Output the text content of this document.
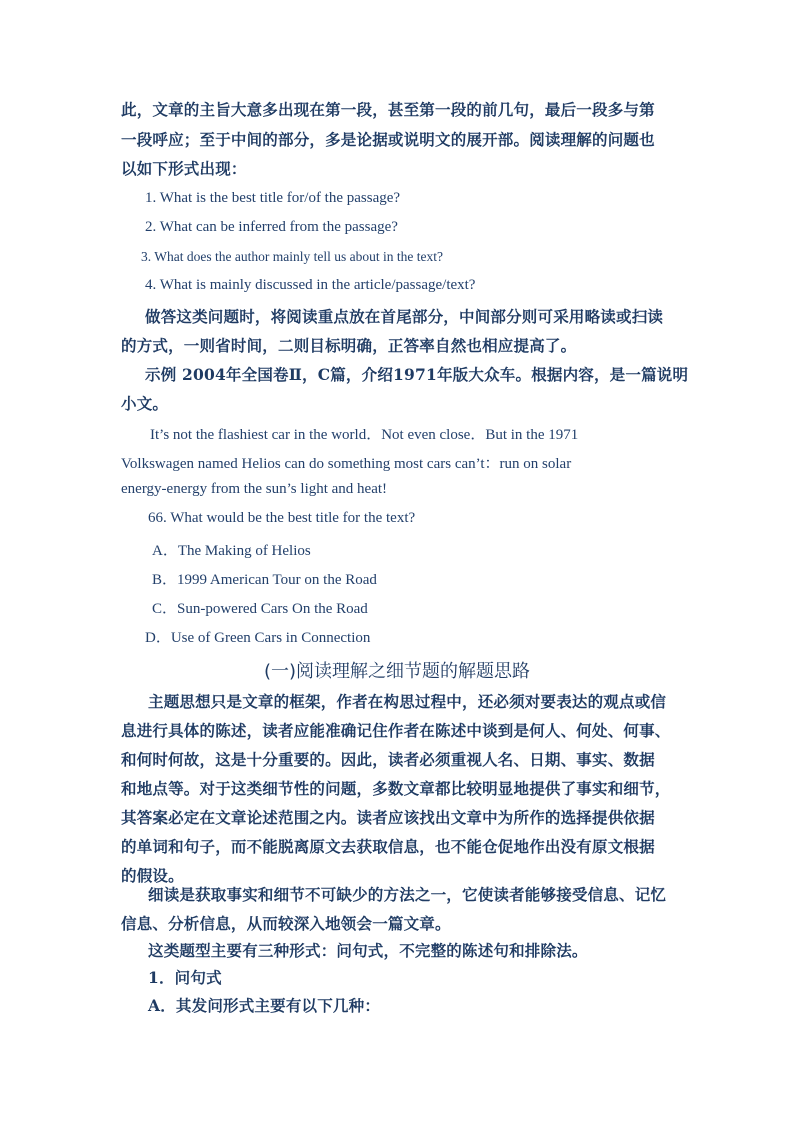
此，文章的主旨大意多出现在第一段，甚至第一段的前几句，最后一段多与第
一段呼应；至于中间的部分，多是论据或说明文的展开部。阅读理解的问题也
以如下形式出现：
1. What is the best title for/of the passage?
2. What can be inferred from the passage?
3. What does the author mainly tell us about in the text?
4. What is mainly discussed in the article/passage/text?
做答这类问题时，将阅读重点放在首尾部分，中间部分则可采用略读或扫读
的方式，一则省时间，二则目标明确，正答率自然也相应提高了。
示例 2004年全国卷Ⅱ，C篇，介绍1971年版大众车。根据内容，是一篇说明
小文。
It’s not the flashiest car in the world．Not even close．But in the 1971
Volkswagen named Helios can do something most cars can’t：run on solar
energy-energy from the sun’s light and heat!
66. What would be the best title for the text?
A．The Making of Helios
B．1999 American Tour on the Road
C．Sun-powered Cars On the Road
D．Use of Green Cars in Connection
(一)阅读理解之细节题的解题思路
主题思想只是文章的框架，作者在构思过程中，还必须对要表达的观点或信
息进行具体的陈述，读者应能准确记住作者在陈述中谈到是何人、何处、何事、
和何时何故，这是十分重要的。因此，读者必须重视人名、日期、事实、数据
和地点等。对于这类细节性的问题，多数文章都比较明显地提供了事实和细节，
其答案必定在文章论述范围之内。读者应该找出文章中为所作的选择提供依据
的单词和句子，而不能脱离原文去获取信息，也不能仓促地作出没有原文根据
的假设。
细读是获取事实和细节不可缺少的方法之一，它使读者能够接受信息、记忆
信息、分析信息，从而较深入地领会一篇文章。
这类题型主要有三种形式：问句式，不完整的陈述句和排除法。
1．问句式
A．其发问形式主要有以下几种：
